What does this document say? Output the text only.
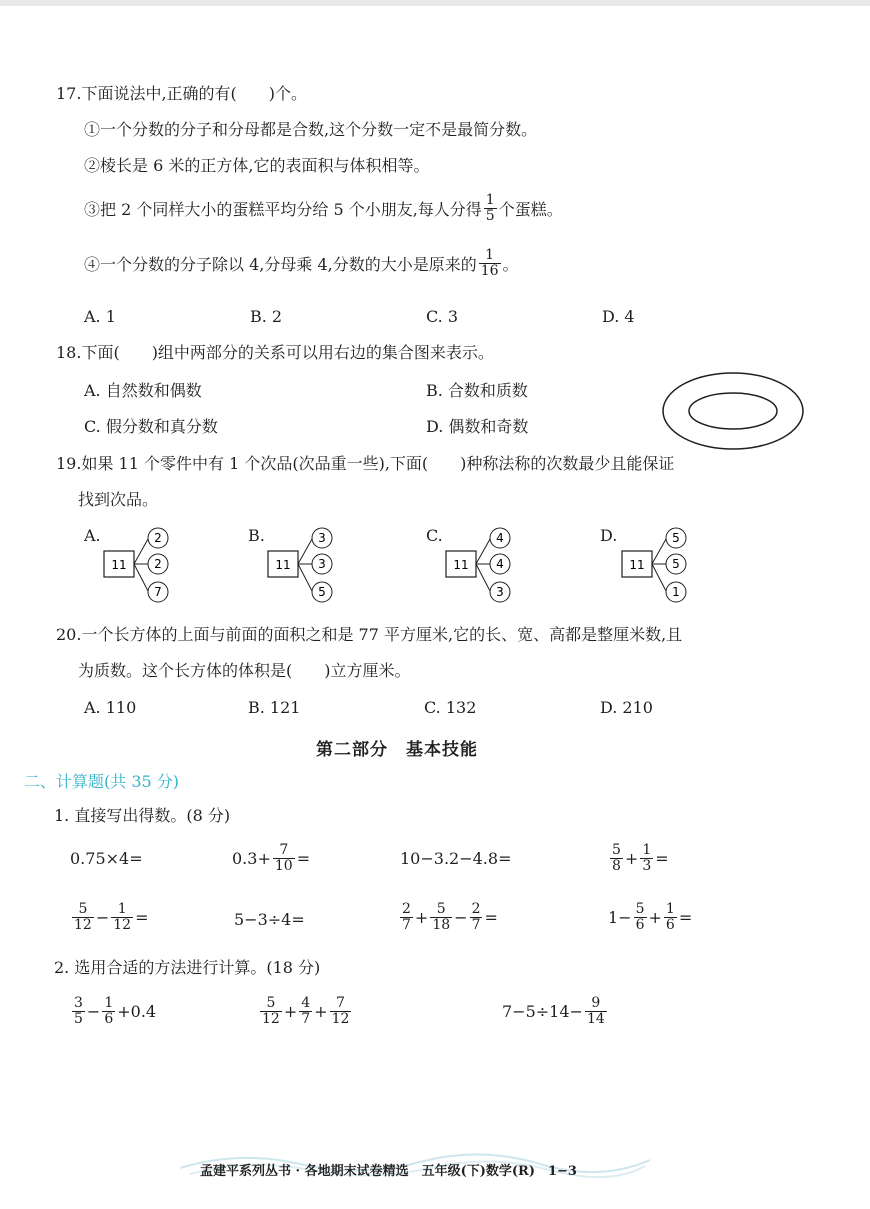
17.下面说法中,正确的有(　　)个。
①一个分数的分子和分母都是合数,这个分数一定不是最简分数。
②棱长是 6 米的正方体,它的表面积与体积相等。
③把 2 个同样大小的蛋糕平均分给 5 个小朋友,每人分得 $\frac{1}{5}$ 个蛋糕。
④一个分数的分子除以 4,分母乘 4,分数的大小是原来的 $\frac{1}{16}$ 。
A. 1	B. 2	C. 3	D. 4
18.下面(　　)组中两部分的关系可以用右边的集合图来表示。
A. 自然数和偶数	B. 合数和质数
C. 假分数和真分数	D. 偶数和奇数
19.如果 11 个零件中有 1 个次品(次品重一些),下面(　　)种称法称的次数最少且能保证
找到次品。
A.	B.	C.	D.
11
2
2
7
11
3
3
5
11
4
4
3
11
5
5
1
20.一个长方体的上面与前面的面积之和是 77 平方厘米,它的长、宽、高都是整厘米数,且
为质数。这个长方体的体积是(　　)立方厘米。
A. 110	B. 121	C. 132	D. 210
第二部分　基本技能
二、计算题(共 35 分)
1. 直接写出得数。(8 分)
0.75×4=	$0.3+ \frac{7}{10}$ =	10−3.2−4.8=	$\frac{5}{8} + \frac{1}{3}$ =
$\frac{5}{12} - \frac{1}{12}$ =	5−3÷4=	$\frac{2}{7} + \frac{5}{18} - \frac{2}{7}$ =	$1- \frac{5}{6} + \frac{1}{6}$ =
2. 选用合适的方法进行计算。(18 分)
$\frac{3}{5} - \frac{1}{6} +0.4$	$\frac{5}{12} + \frac{4}{7} + \frac{7}{12}$	$7-5\div 14- \frac{9}{14}$
孟建平系列丛书 · 各地期末试卷精选　五年级(下)数学(R)　1−3
